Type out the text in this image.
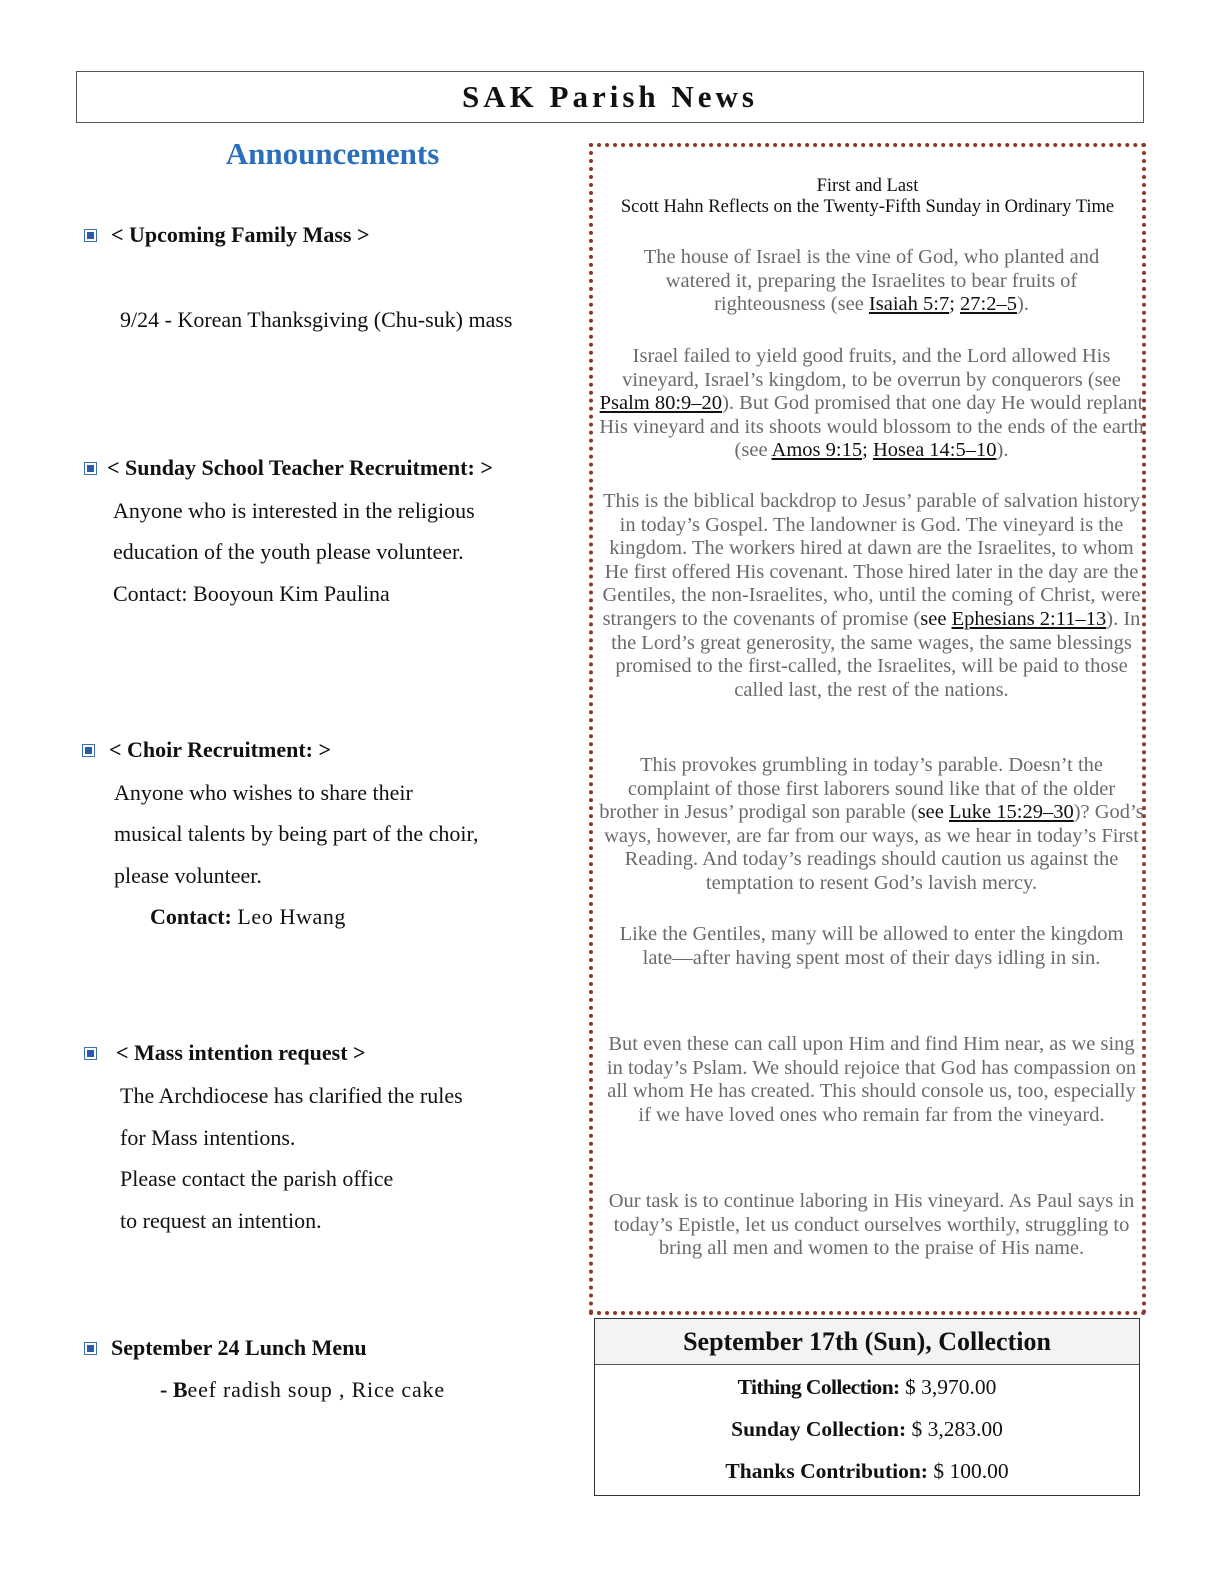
SAK Parish News
Announcements
< Upcoming Family Mass >
9/24 - Korean Thanksgiving (Chu-suk) mass
< Sunday School Teacher Recruitment: >
Anyone who is interested in the religious
education of the youth please volunteer.
Contact: Booyoun Kim Paulina
< Choir Recruitment: >
Anyone who wishes to share their
musical talents by being part of the choir,
please volunteer.
Contact: Leo Hwang
< Mass intention request >
The Archdiocese has clarified the rules
for Mass intentions.
Please contact the parish office
to request an intention.
September 24 Lunch Menu
- Beef radish soup , Rice cake
First and Last
Scott Hahn Reflects on the Twenty-Fifth Sunday in Ordinary Time
The house of Israel is the vine of God, who planted and watered it, preparing the Israelites to bear fruits of righteousness (see Isaiah 5:7; 27:2–5).
Israel failed to yield good fruits, and the Lord allowed His vineyard, Israel’s kingdom, to be overrun by conquerors (see Psalm 80:9–20). But God promised that one day He would replant His vineyard and its shoots would blossom to the ends of the earth (see Amos 9:15; Hosea 14:5–10).
This is the biblical backdrop to Jesus’ parable of salvation history in today’s Gospel. The landowner is God. The vineyard is the kingdom. The workers hired at dawn are the Israelites, to whom He first offered His covenant. Those hired later in the day are the Gentiles, the non-Israelites, who, until the coming of Christ, were strangers to the covenants of promise (see Ephesians 2:11–13). In the Lord’s great generosity, the same wages, the same blessings promised to the first-called, the Israelites, will be paid to those called last, the rest of the nations.
This provokes grumbling in today’s parable. Doesn’t the complaint of those first laborers sound like that of the older brother in Jesus’ prodigal son parable (see Luke 15:29–30)? God’s ways, however, are far from our ways, as we hear in today’s First Reading. And today’s readings should caution us against the temptation to resent God’s lavish mercy.
Like the Gentiles, many will be allowed to enter the kingdom late—after having spent most of their days idling in sin.
But even these can call upon Him and find Him near, as we sing in today’s Pslam. We should rejoice that God has compassion on all whom He has created. This should console us, too, especially if we have loved ones who remain far from the vineyard.
Our task is to continue laboring in His vineyard. As Paul says in today’s Epistle, let us conduct ourselves worthily, struggling to bring all men and women to the praise of His name.
September 17th (Sun), Collection
Tithing Collection: $ 3,970.00
Sunday Collection: $ 3,283.00
Thanks Contribution: $ 100.00
